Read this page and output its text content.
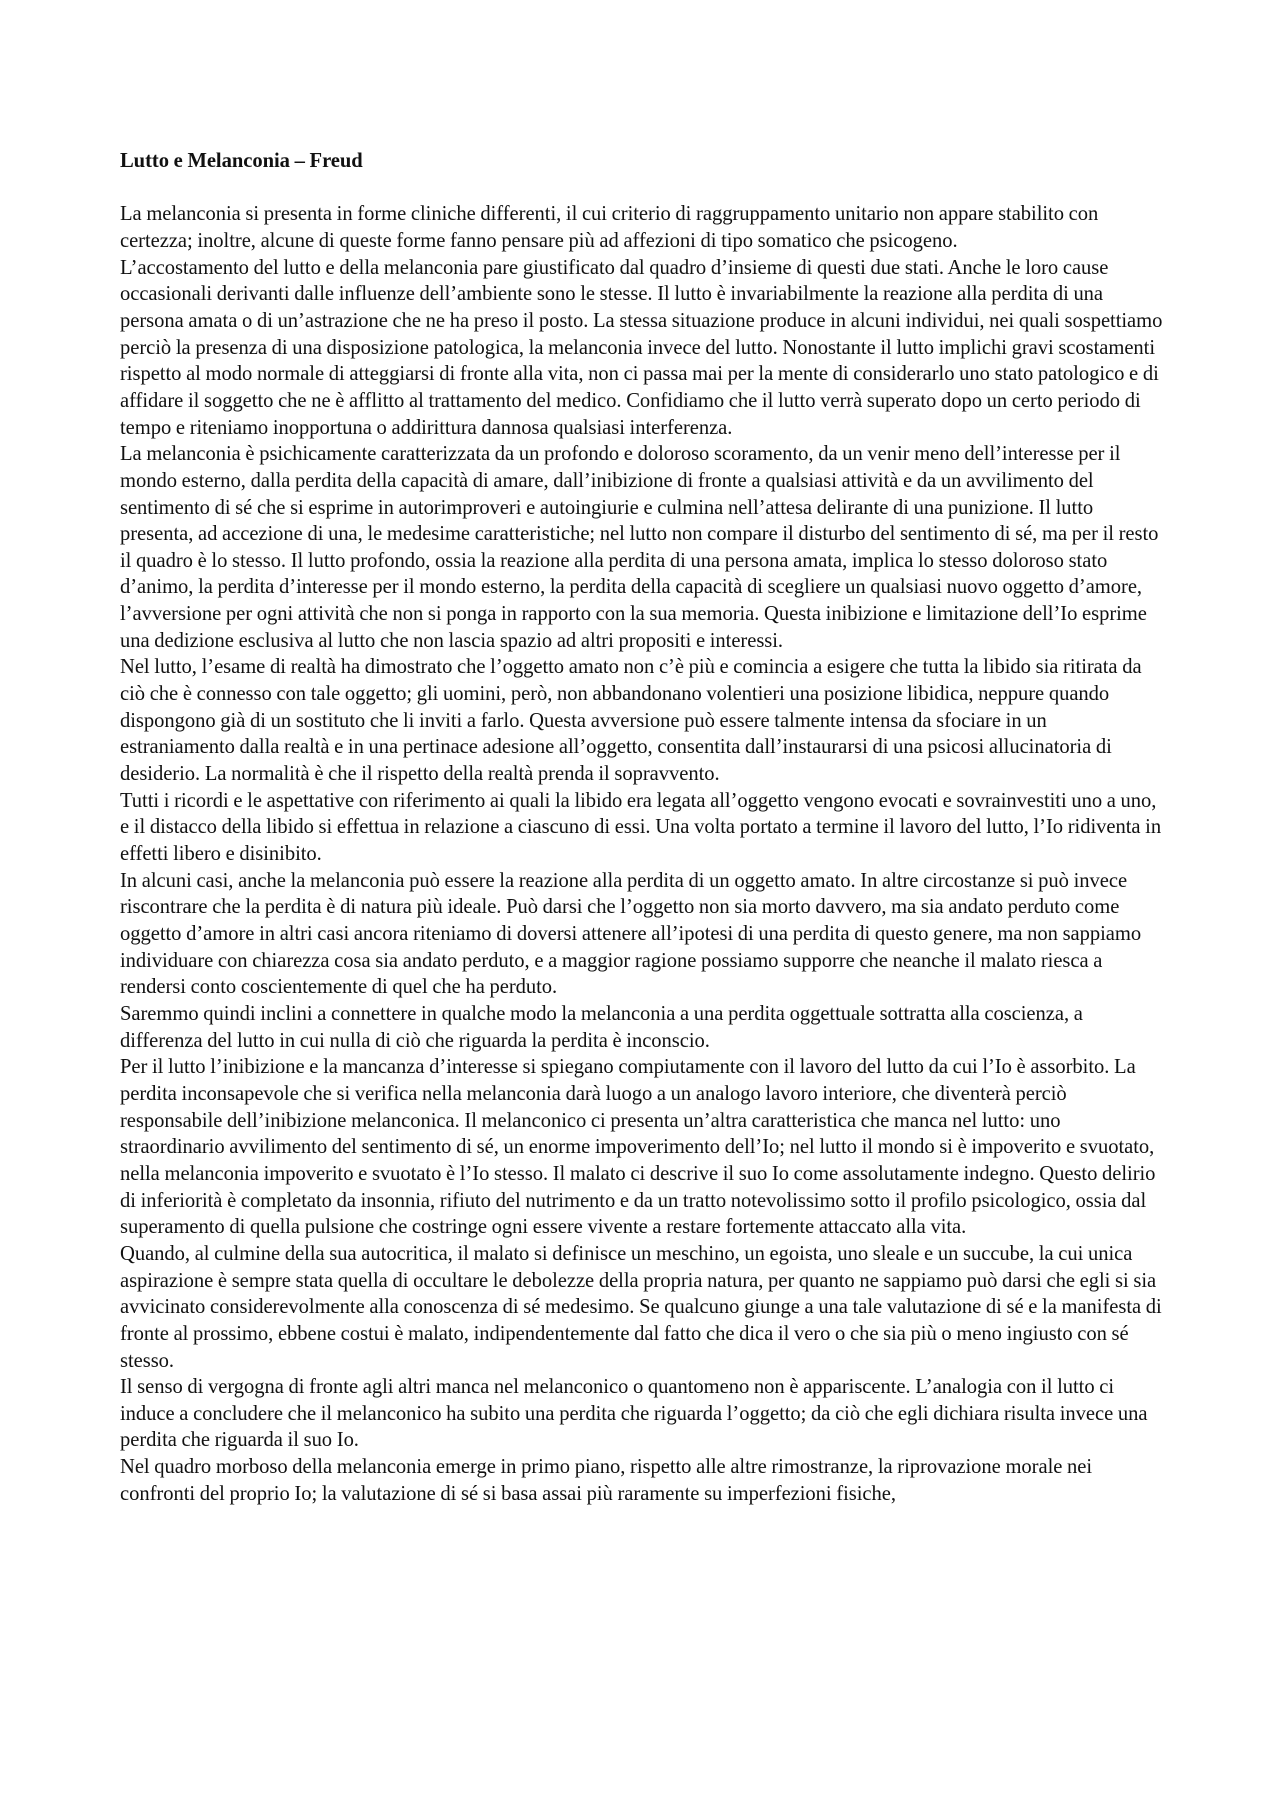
Lutto e Melanconia – Freud

La melanconia si presenta in forme cliniche differenti, il cui criterio di raggruppamento unitario non appare stabilito con certezza; inoltre, alcune di queste forme fanno pensare più ad affezioni di tipo somatico che psicogeno.

L’accostamento del lutto e della melanconia pare giustificato dal quadro d’insieme di questi due stati. Anche le loro cause occasionali derivanti dalle influenze dell’ambiente sono le stesse. Il lutto è invariabilmente la reazione alla perdita di una persona amata o di un’astrazione che ne ha preso il posto. La stessa situazione produce in alcuni individui, nei quali sospettiamo perciò la presenza di una disposizione patologica, la melanconia invece del lutto. Nonostante il lutto implichi gravi scostamenti rispetto al modo normale di atteggiarsi di fronte alla vita, non ci passa mai per la mente di considerarlo uno stato patologico e di affidare il soggetto che ne è afflitto al trattamento del medico. Confidiamo che il lutto verrà superato dopo un certo periodo di tempo e riteniamo inopportuna o addirittura dannosa qualsiasi interferenza.

La melanconia è psichicamente caratterizzata da un profondo e doloroso scoramento, da un venir meno dell’interesse per il mondo esterno, dalla perdita della capacità di amare, dall’inibizione di fronte a qualsiasi attività e da un avvilimento del sentimento di sé che si esprime in autorimproveri e autoingiurie e culmina nell’attesa delirante di una punizione. Il lutto presenta, ad accezione di una, le medesime caratteristiche; nel lutto non compare il disturbo del sentimento di sé, ma per il resto il quadro è lo stesso. Il lutto profondo, ossia la reazione alla perdita di una persona amata, implica lo stesso doloroso stato d’animo, la perdita d’interesse per il mondo esterno, la perdita della capacità di scegliere un qualsiasi nuovo oggetto d’amore, l’avversione per ogni attività che non si ponga in rapporto con la sua memoria. Questa inibizione e limitazione dell’Io esprime una dedizione esclusiva al lutto che non lascia spazio ad altri propositi e interessi.

Nel lutto, l’esame di realtà ha dimostrato che l’oggetto amato non c’è più e comincia a esigere che tutta la libido sia ritirata da ciò che è connesso con tale oggetto; gli uomini, però, non abbandonano volentieri una posizione libidica, neppure quando dispongono già di un sostituto che li inviti a farlo. Questa avversione può essere talmente intensa da sfociare in un estraniamento dalla realtà e in una pertinace adesione all’oggetto, consentita dall’instaurarsi di una psicosi allucinatoria di desiderio. La normalità è che il rispetto della realtà prenda il sopravvento.

Tutti i ricordi e le aspettative con riferimento ai quali la libido era legata all’oggetto vengono evocati e sovrainvestiti uno a uno, e il distacco della libido si effettua in relazione a ciascuno di essi. Una volta portato a termine il lavoro del lutto, l’Io ridiventa in effetti libero e disinibito.

In alcuni casi, anche la melanconia può essere la reazione alla perdita di un oggetto amato. In altre circostanze si può invece riscontrare che la perdita è di natura più ideale. Può darsi che l’oggetto non sia morto davvero, ma sia andato perduto come oggetto d’amore in altri casi ancora riteniamo di doversi attenere all’ipotesi di una perdita di questo genere, ma non sappiamo individuare con chiarezza cosa sia andato perduto, e a maggior ragione possiamo supporre che neanche il malato riesca a rendersi conto coscientemente di quel che ha perduto.

Saremmo quindi inclini a connettere in qualche modo la melanconia a una perdita oggettuale sottratta alla coscienza, a differenza del lutto in cui nulla di ciò che riguarda la perdita è inconscio.

Per il lutto l’inibizione e la mancanza d’interesse si spiegano compiutamente con il lavoro del lutto da cui l’Io è assorbito. La perdita inconsapevole che si verifica nella melanconia darà luogo a un analogo lavoro interiore, che diventerà perciò responsabile dell’inibizione melanconica. Il melanconico ci presenta un’altra caratteristica che manca nel lutto: uno straordinario avvilimento del sentimento di sé, un enorme impoverimento dell’Io; nel lutto il mondo si è impoverito e svuotato, nella melanconia impoverito e svuotato è l’Io stesso. Il malato ci descrive il suo Io come assolutamente indegno. Questo delirio di inferiorità è completato da insonnia, rifiuto del nutrimento e da un tratto notevolissimo sotto il profilo psicologico, ossia dal superamento di quella pulsione che costringe ogni essere vivente a restare fortemente attaccato alla vita.

Quando, al culmine della sua autocritica, il malato si definisce un meschino, un egoista, uno sleale e un succube, la cui unica aspirazione è sempre stata quella di occultare le debolezze della propria natura, per quanto ne sappiamo può darsi che egli si sia avvicinato considerevolmente alla conoscenza di sé medesimo. Se qualcuno giunge a una tale valutazione di sé e la manifesta di fronte al prossimo, ebbene costui è malato, indipendentemente dal fatto che dica il vero o che sia più o meno ingiusto con sé stesso.

Il senso di vergogna di fronte agli altri manca nel melanconico o quantomeno non è appariscente. L’analogia con il lutto ci induce a concludere che il melanconico ha subito una perdita che riguarda l’oggetto; da ciò che egli dichiara risulta invece una perdita che riguarda il suo Io.

Nel quadro morboso della melanconia emerge in primo piano, rispetto alle altre rimostranze, la riprovazione morale nei confronti del proprio Io; la valutazione di sé si basa assai più raramente su imperfezioni fisiche,
